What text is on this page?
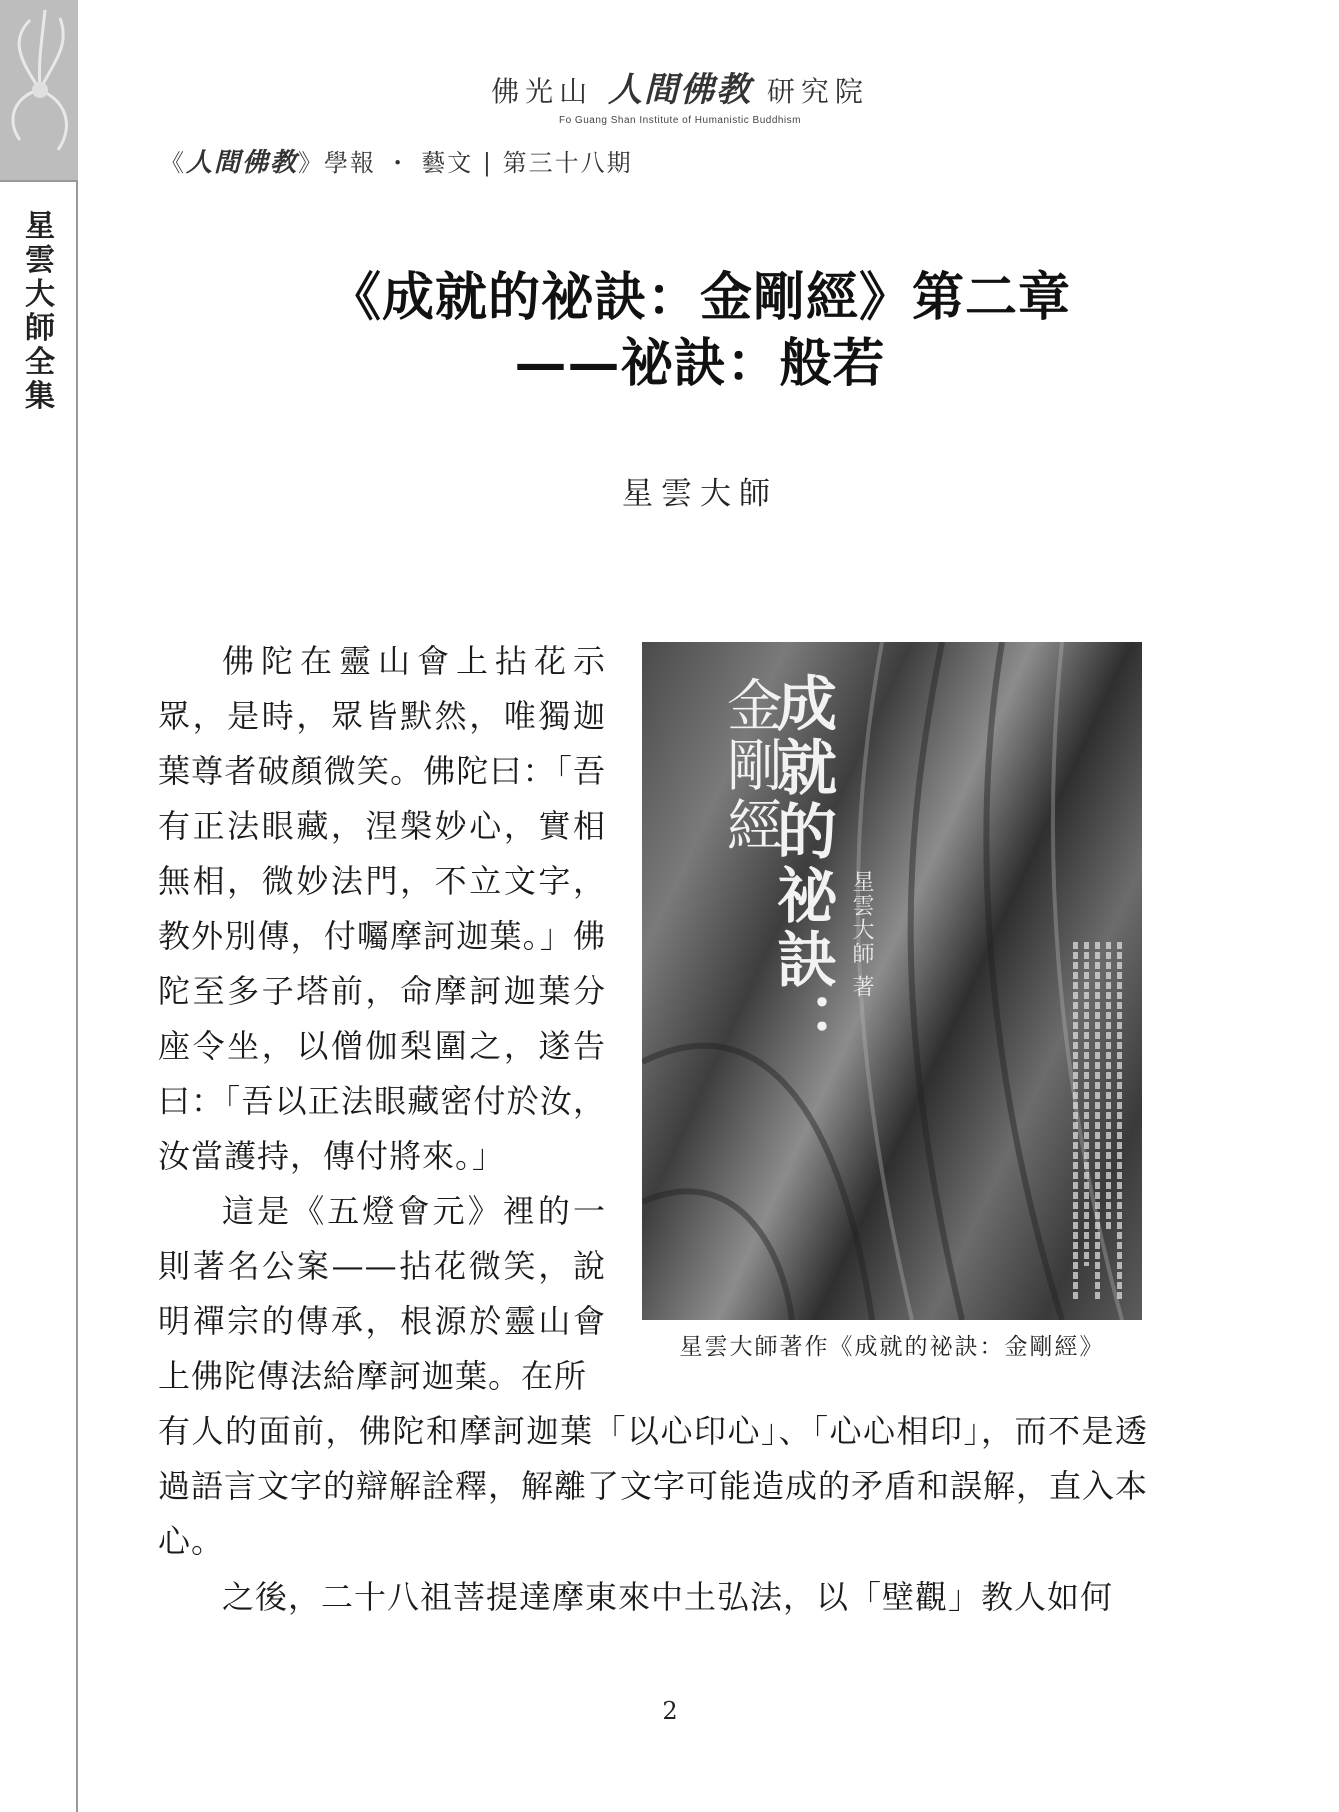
星雲大師全集
佛光山 人間佛教 研究院
Fo Guang Shan Institute of Humanistic Buddhism
《人間佛教》學報 ・ 藝文 | 第三十八期
《成就的祕訣：金剛經》第二章
——祕訣：般若
星雲大師
佛陀在靈山會上拈花示眾，是時，眾皆默然，唯獨迦葉尊者破顏微笑。佛陀曰：「吾有正法眼藏，涅槃妙心，實相無相，微妙法門，不立文字，教外別傳，付囑摩訶迦葉。」佛陀至多子塔前，命摩訶迦葉分座令坐，以僧伽梨圍之，遂告曰：「吾以正法眼藏密付於汝，汝當護持，傳付將來。」
這是《五燈會元》裡的一則著名公案——拈花微笑，說明禪宗的傳承，根源於靈山會上佛陀傳法給摩訶迦葉。在所
有人的面前，佛陀和摩訶迦葉「以心印心」、「心心相印」，而不是透過語言文字的辯解詮釋，解離了文字可能造成的矛盾和誤解，直入本心。
之後，二十八祖菩提達摩東來中土弘法，以「壁觀」教人如何
金剛經
成就的祕訣： 星雲大師 著
星雲大師著作《成就的祕訣：金剛經》
2
